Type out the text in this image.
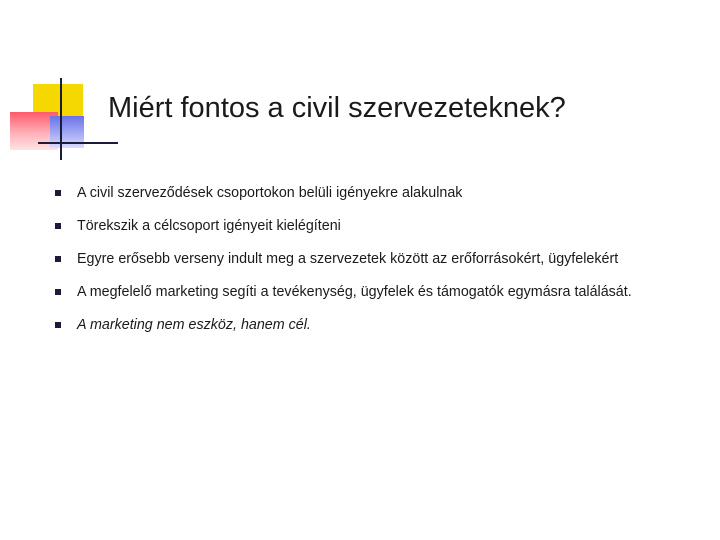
Miért fontos a civil szervezeteknek?
A civil szerveződések csoportokon belüli igényekre alakulnak
Törekszik a célcsoport igényeit kielégíteni
Egyre erősebb verseny indult meg a szervezetek között az erőforrásokért, ügyfelekért
A megfelelő marketing segíti a tevékenység, ügyfelek és támogatók egymásra találását.
A marketing nem eszköz, hanem cél.
